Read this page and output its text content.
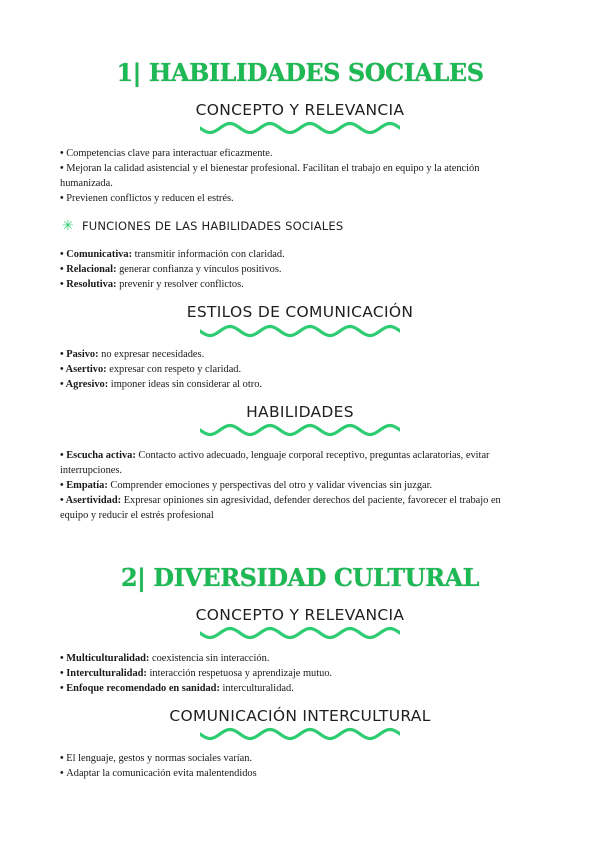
1| HABILIDADES SOCIALES
CONCEPTO Y RELEVANCIA
• Competencias clave para interactuar eficazmente.
• Mejoran la calidad asistencial y el bienestar profesional. Facilitan el trabajo en equipo y la atención humanizada.
• Previenen conflictos y reducen el estrés.
✳ FUNCIONES DE LAS HABILIDADES SOCIALES
• Comunicativa: transmitir información con claridad.
• Relacional: generar confianza y vínculos positivos.
• Resolutiva: prevenir y resolver conflictos.
ESTILOS DE COMUNICACIÓN
• Pasivo: no expresar necesidades.
• Asertivo: expresar con respeto y claridad.
• Agresivo: imponer ideas sin considerar al otro.
HABILIDADES
• Escucha activa: Contacto activo adecuado, lenguaje corporal receptivo, preguntas aclaratorias, evitar interrupciones.
• Empatía: Comprender emociones y perspectivas del otro y validar vivencias sin juzgar.
• Asertividad: Expresar opiniones sin agresividad, defender derechos del paciente, favorecer el trabajo en equipo y reducir el estrés profesional
2| DIVERSIDAD CULTURAL
CONCEPTO Y RELEVANCIA
• Multiculturalidad: coexistencia sin interacción.
• Interculturalidad: interacción respetuosa y aprendizaje mutuo.
• Enfoque recomendado en sanidad: interculturalidad.
COMUNICACIÓN INTERCULTURAL
• El lenguaje, gestos y normas sociales varían.
• Adaptar la comunicación evita malentendidos
